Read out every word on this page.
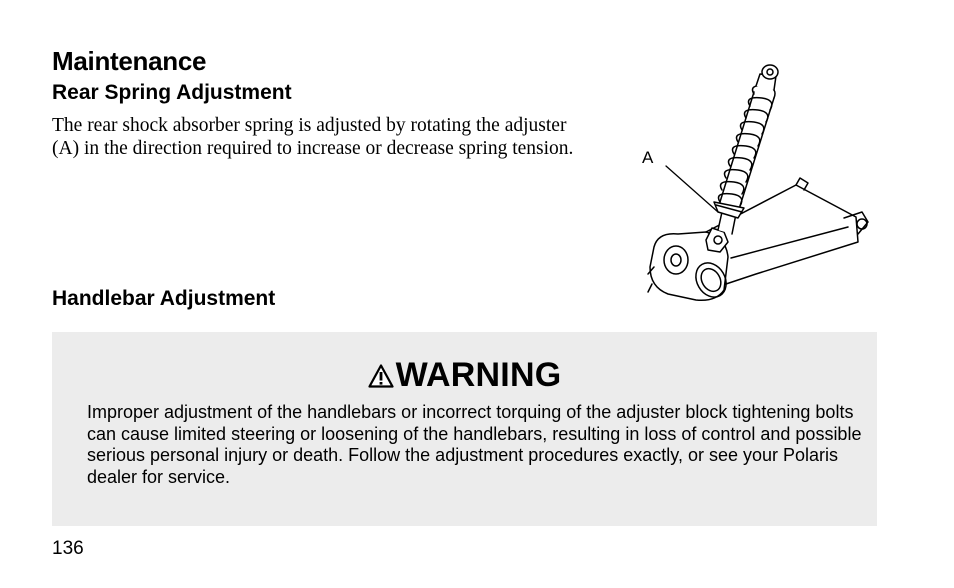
Maintenance
Rear Spring Adjustment

The rear shock absorber spring is adjusted by rotating the adjuster (A) in the direction required to increase or decrease spring tension.	A
Handlebar Adjustment
WARNING

Improper adjustment of the handlebars or incorrect torquing of the adjuster block tightening bolts can cause limited steering or loosening of the handlebars, resulting in loss of control and possible serious personal injury or death. Follow the adjustment procedures exactly, or see your Polaris dealer for service.

136
